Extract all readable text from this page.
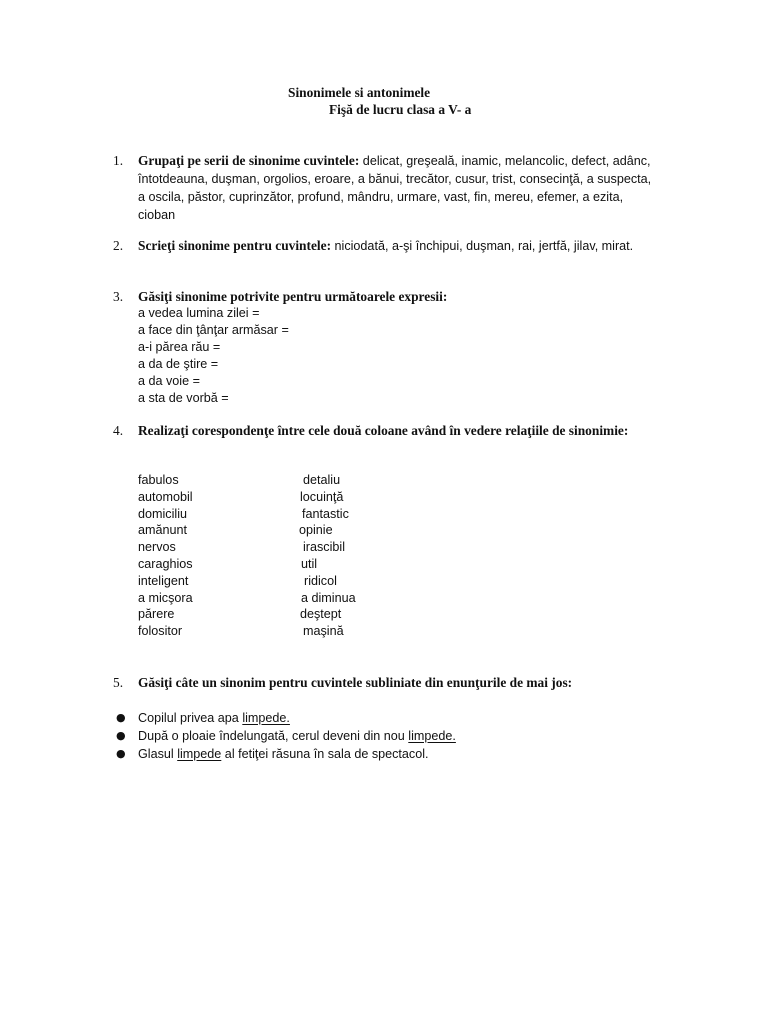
Sinonimele si antonimele
Fişă de lucru clasa a V- a
1. Grupaţi pe serii de sinonime cuvintele: delicat, greşeală, inamic, melancolic, defect, adânc, întotdeauna, duşman, orgolios, eroare, a bănui, trecător, cusur, trist, consecinţă, a suspecta, a oscila, păstor, cuprinzător, profund, mândru, urmare, vast, fin, mereu, efemer, a ezita, cioban
2. Scrieţi sinonime pentru cuvintele: niciodată, a-şi închipui, duşman, rai, jertfă, jilav, mirat.
3. Găsiţi sinonime potrivite pentru următoarele expresii:
a vedea lumina zilei =
a face din ţânţar armăsar =
a-i părea rău =
a da de ştire =
a da voie =
a sta de vorbă =
4. Realizaţi corespondenţe între cele două coloane având în vedere relaţiile de sinonimie:
fabulos
automobil
domiciliu
amănunt
nervos
caraghios
inteligent
a micşora
părere
folositor
detaliu
locuinţă
fantastic
opinie
irascibil
util
ridicol
a diminua
deştept
maşină
5. Găsiţi câte un sinonim pentru cuvintele subliniate din enunţurile de mai jos:
● Copilul privea apa limpede.
● După o ploaie îndelungată, cerul deveni din nou limpede.
● Glasul limpede al fetiţei răsuna în sala de spectacol.
